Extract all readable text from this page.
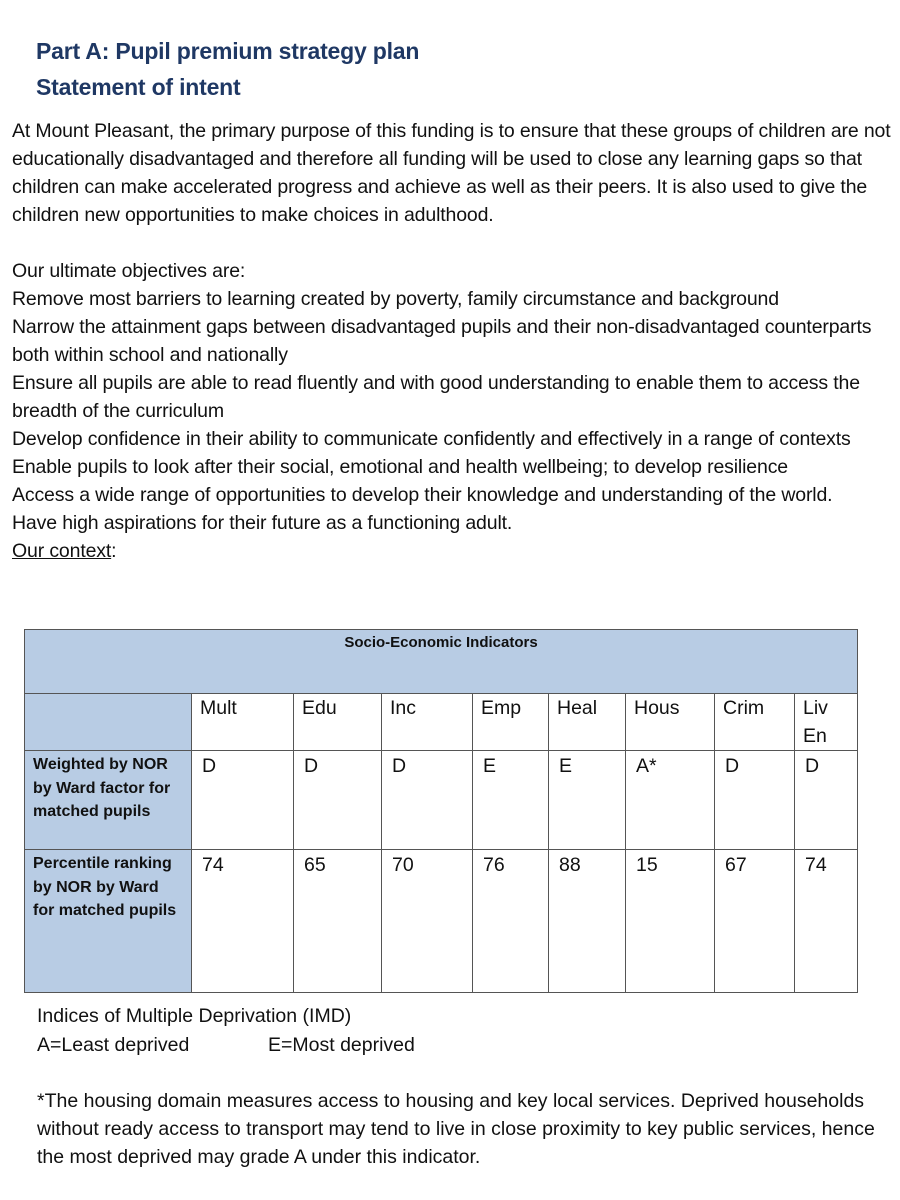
Part A: Pupil premium strategy plan
Statement of intent

At Mount Pleasant, the primary purpose of this funding is to ensure that these groups of children are not educationally disadvantaged and therefore all funding will be used to close any learning gaps so that children can make accelerated progress and achieve as well as their peers. It is also used to give the children new opportunities to make choices in adulthood.

Our ultimate objectives are:

Remove most barriers to learning created by poverty, family circumstance and background

Narrow the attainment gaps between disadvantaged pupils and their non-disadvantaged counterparts both within school and nationally

Ensure all pupils are able to read fluently and with good understanding to enable them to access the breadth of the curriculum

Develop confidence in their ability to communicate confidently and effectively in a range of contexts

Enable pupils to look after their social, emotional and health wellbeing; to develop resilience

Access a wide range of opportunities to develop their knowledge and understanding of the world.

Have high aspirations for their future as a functioning adult.

Our context:

Socio-Economic Indicators								
	Mult	Edu	Inc	Emp	Heal	Hous	Crim	Liv En
Weighted by NOR by Ward factor for matched pupils	D	D	D	E	E	A*	D	D
Percentile ranking by NOR by Ward for matched pupils	74	65	70	76	88	15	67	74

Indices of Multiple Deprivation (IMD)

A=Least deprived	E=Most deprived

*The housing domain measures access to housing and key local services. Deprived households without ready access to transport may tend to live in close proximity to key public services, hence the most deprived may grade A under this indicator.
